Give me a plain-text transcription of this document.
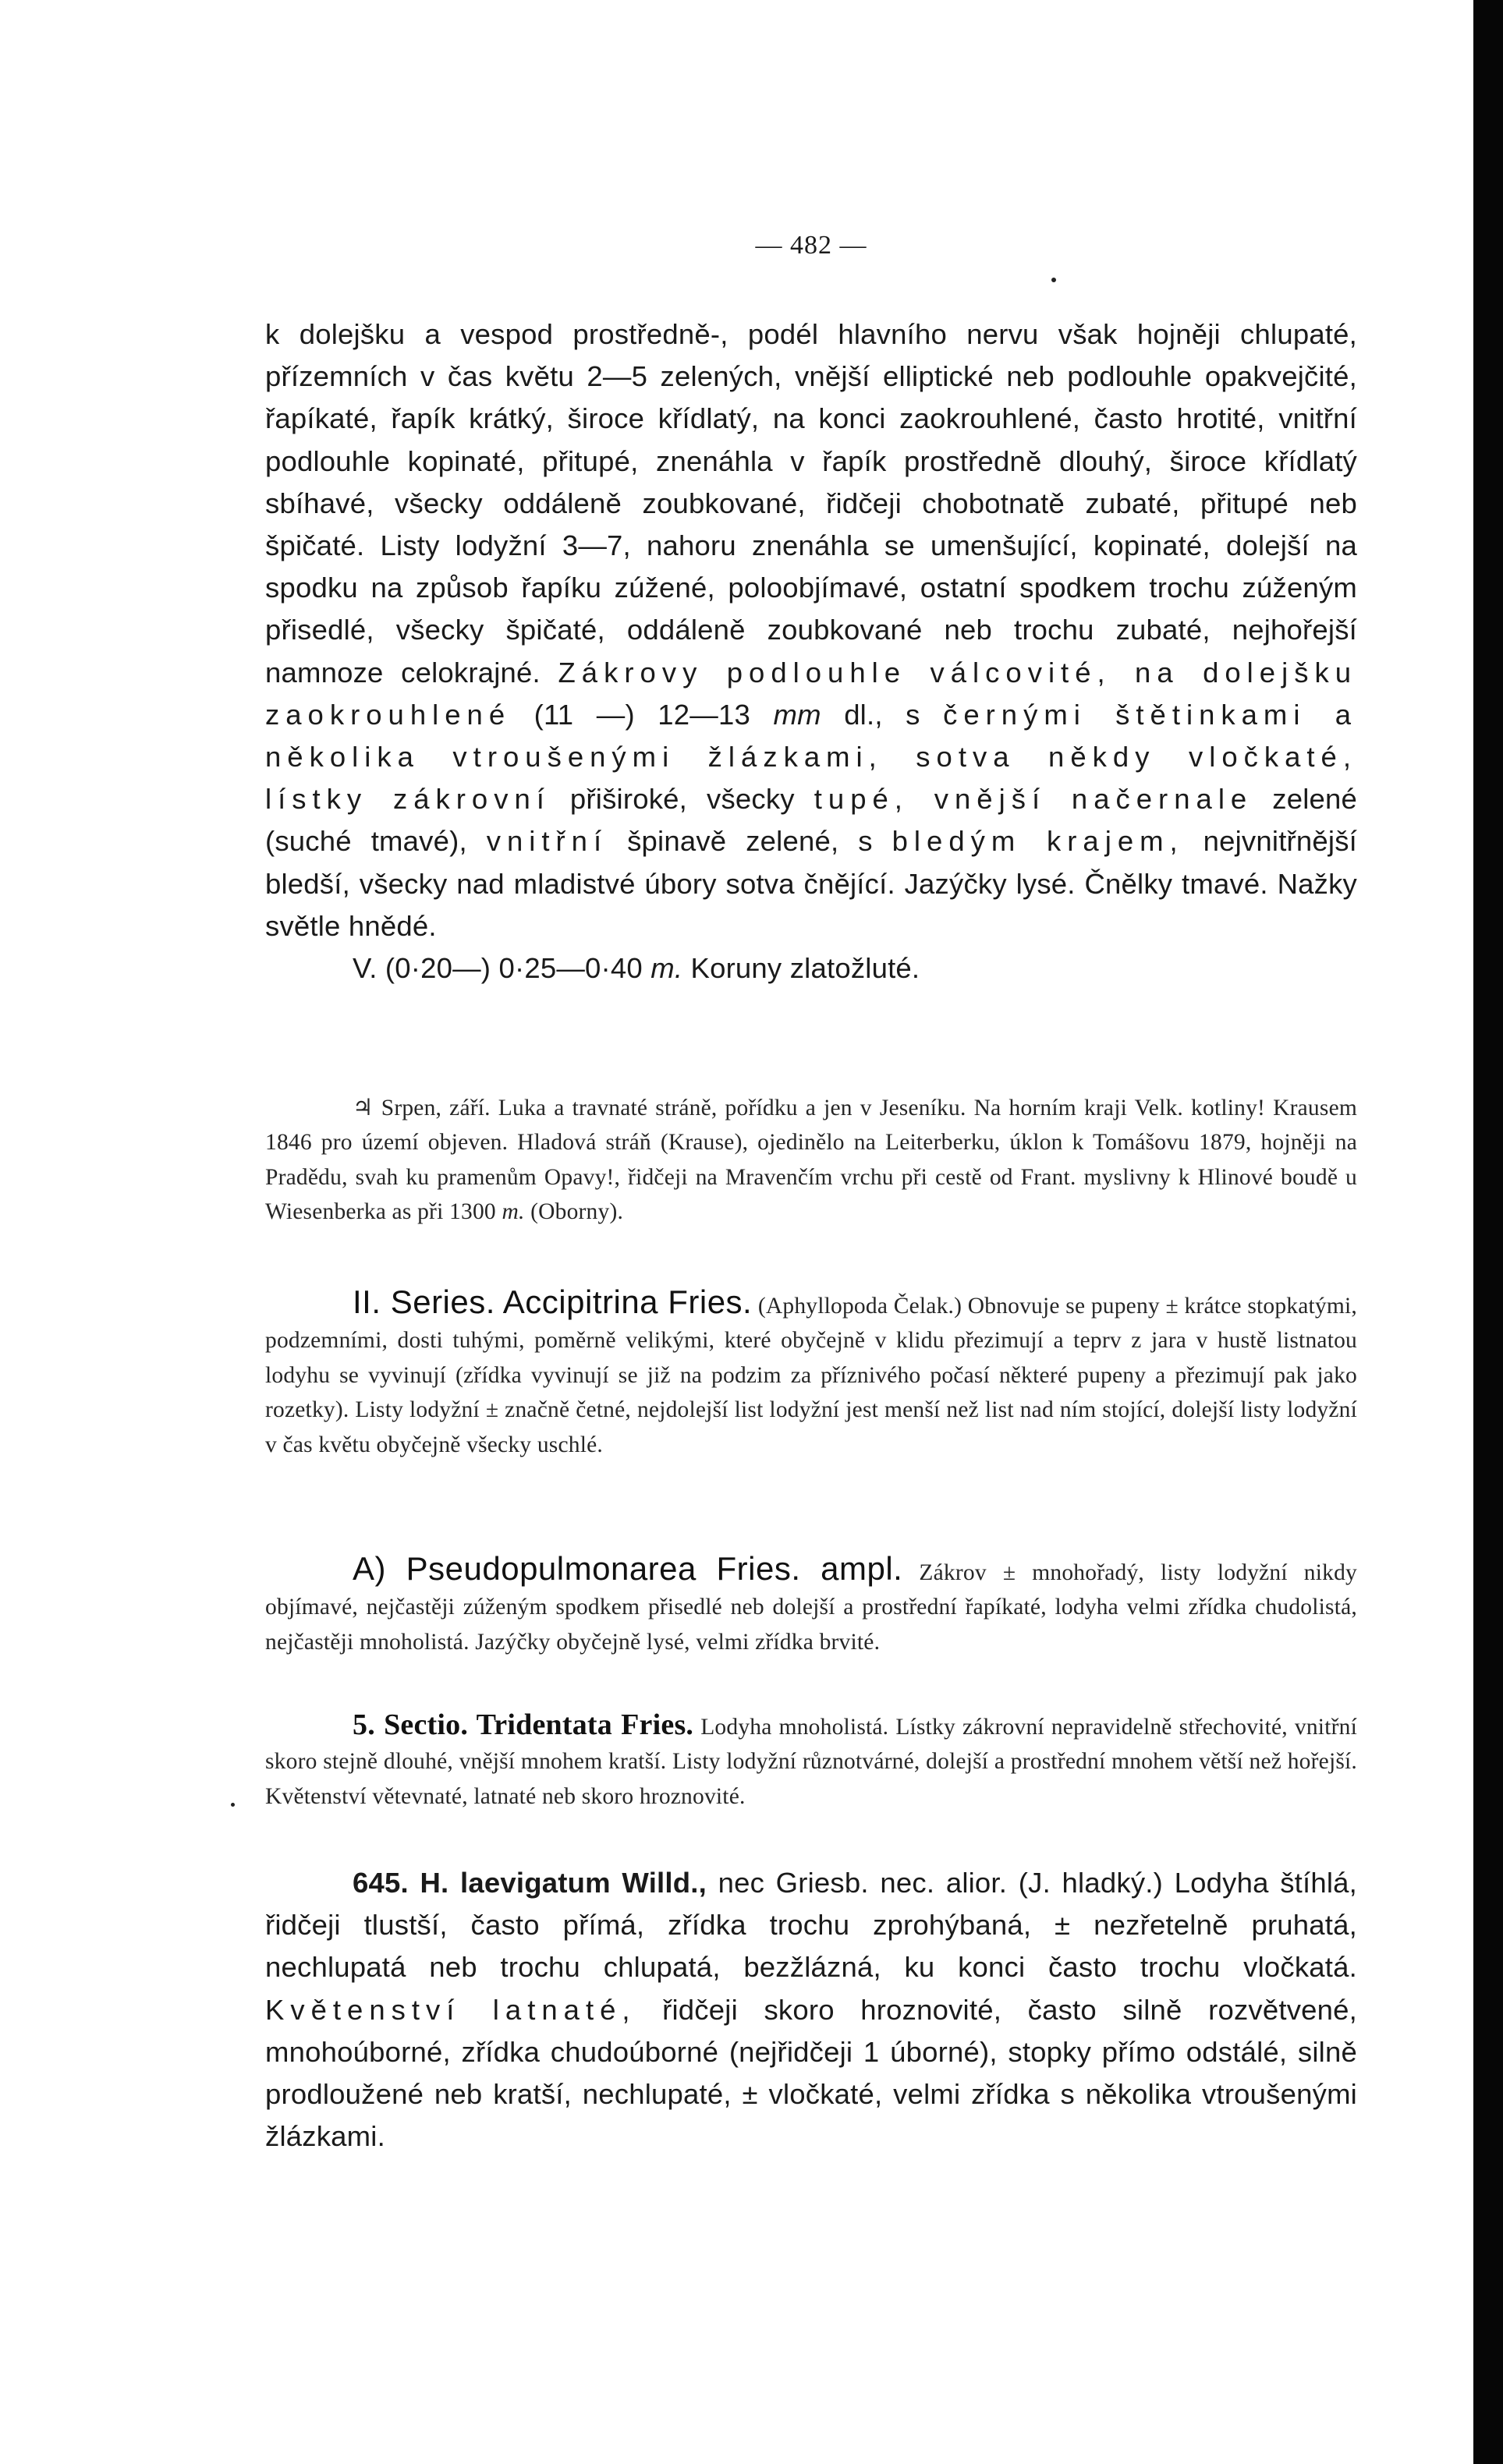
— 482 —

k dolejšku a vespod prostředně-, podél hlavního nervu však hojněji chlupaté, přízemních v čas květu 2—5 zelených, vnější elliptické neb podlouhle opakvejčité, řapíkaté, řapík krátký, široce křídlatý, na konci zaokrouhlené, často hrotité, vnitřní podlouhle kopinaté, přitupé, znenáhla v řapík prostředně dlouhý, široce křídlatý sbíhavé, všecky oddáleně zoubkované, řidčeji chobotnatě zubaté, přitupé neb špičaté. Listy lodyžní 3—7, nahoru znenáhla se umenšující, kopinaté, dolejší na spodku na způsob řapíku zúžené, poloobjímavé, ostatní spodkem trochu zúženým přisedlé, všecky špičaté, oddáleně zoubkované neb trochu zubaté, nejhořejší namnoze celokrajné. Zákrovy podlouhle válcovité, na dolejšku zaokrouhlené (11 —) 12—13 mm dl., s černými štětinkami a několika vtroušenými žlázkami, sotva někdy vločkaté, lístky zákrovní přiširoké, všecky tupé, vnější načernale zelené (suché tmavé), vnitřní špinavě zelené, s bledým krajem, nejvnitřnější bledší, všecky nad mladistvé úbory sotva čnějící. Jazýčky lysé. Čnělky tmavé. Nažky světle hnědé.

V. (0·20—) 0·25—0·40 m. Koruny zlatožluté.

♃ Srpen, září. Luka a travnaté stráně, pořídku a jen v Jeseníku. Na horním kraji Velk. kotliny! Krausem 1846 pro území objeven. Hladová stráň (Krause), ojedinělo na Leiterberku, úklon k Tomášovu 1879, hojněji na Pradědu, svah ku pramenům Opavy!, řidčeji na Mravenčím vrchu při cestě od Frant. myslivny k Hlinové boudě u Wiesenberka as při 1300 m. (Oborny).

II. Series. Accipitrina Fries. (Aphyllopoda Čelak.) Obnovuje se pupeny ± krátce stopkatými, podzemními, dosti tuhými, poměrně velikými, které obyčejně v klidu přezimují a teprv z jara v hustě listnatou lodyhu se vyvinují (zřídka vyvinují se již na podzim za příznivého počasí některé pupeny a přezimují pak jako rozetky). Listy lodyžní ± značně četné, nejdolejší list lodyžní jest menší než list nad ním stojící, dolejší listy lodyžní v čas květu obyčejně všecky uschlé.

A) Pseudopulmonarea Fries. ampl. Zákrov ± mnohořadý, listy lodyžní nikdy objímavé, nejčastěji zúženým spodkem přisedlé neb dolejší a prostřední řapíkaté, lodyha velmi zřídka chudolistá, nejčastěji mnoholistá. Jazýčky obyčejně lysé, velmi zřídka brvité.

5. Sectio. Tridentata Fries. Lodyha mnoholistá. Lístky zákrovní nepravidelně střechovité, vnitřní skoro stejně dlouhé, vnější mnohem kratší. Listy lodyžní různotvárné, dolejší a prostřední mnohem větší než hořejší. Květenství větevnaté, latnaté neb skoro hroznovité.

645. H. laevigatum Willd., nec Griesb. nec. alior. (J. hladký.) Lodyha štíhlá, řidčeji tlustší, často přímá, zřídka trochu zprohýbaná, ± nezřetelně pruhatá, nechlupatá neb trochu chlupatá, bezžlázná, ku konci často trochu vločkatá. Květenství latnaté, řidčeji skoro hroznovité, často silně rozvětvené, mnohoúborné, zřídka chudoúborné (nejřidčeji 1 úborné), stopky přímo odstálé, silně prodloužené neb kratší, nechlupaté, ± vločkaté, velmi zřídka s několika vtroušenými žlázkami.
